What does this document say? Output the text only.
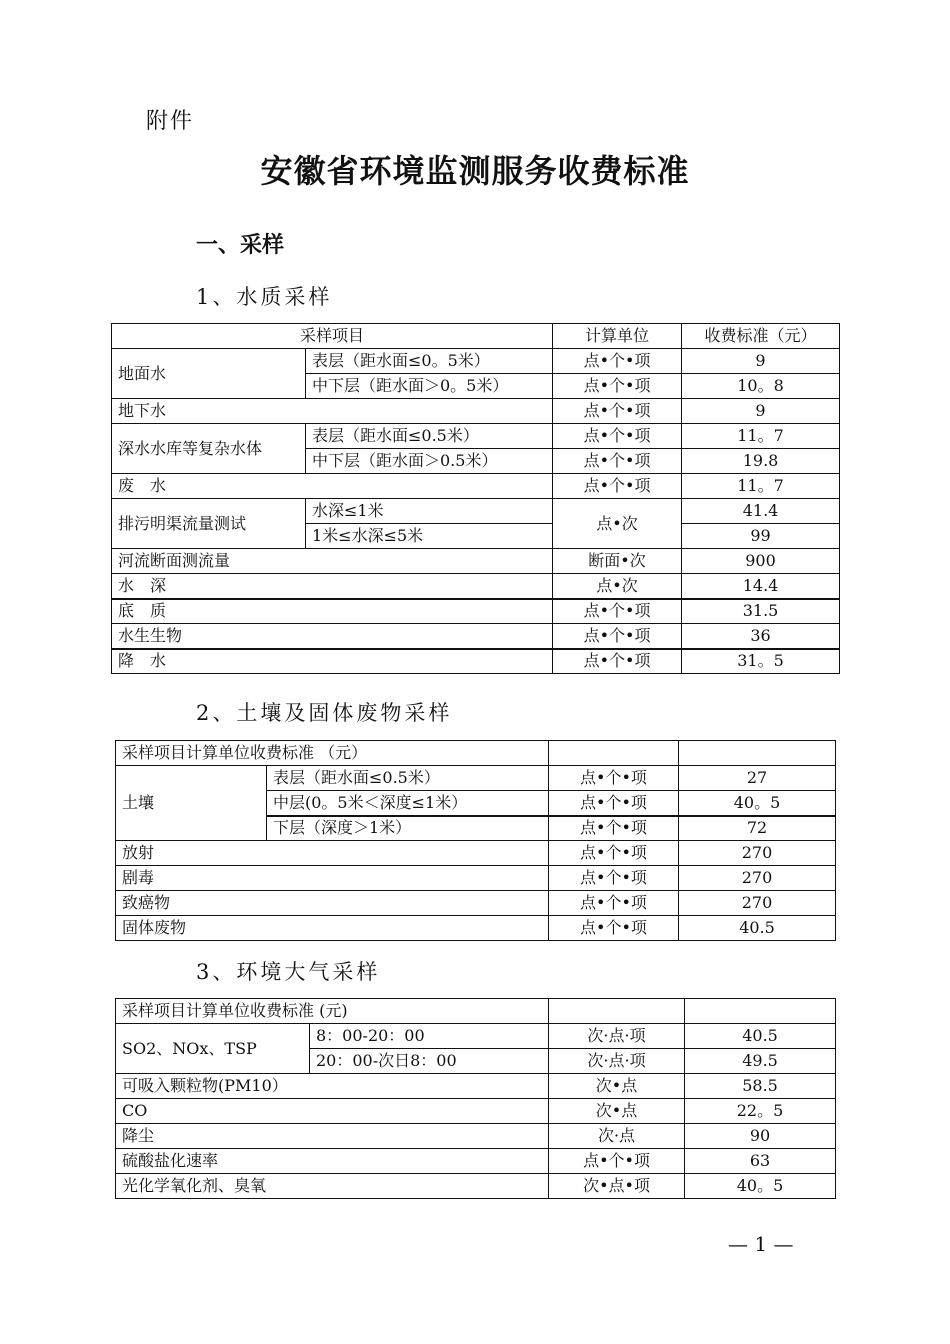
附件
安徽省环境监测服务收费标准
一、采样
1、水质采样
采样项目		计算单位	收费标准（元）
地面水	表层（距水面≤0。5米）	点•个•项	9
	中下层（距水面＞0。5米）	点•个•项	10。8
地下水		点•个•项	9
深水水库等复杂水体	表层（距水面≤0.5米）	点•个•项	11。7
	中下层（距水面＞0.5米）	点•个•项	19.8
废　水		点•个•项	11。7
排污明渠流量测试	水深≤1米	点•次	41.4
	1米≤水深≤5米		99
河流断面测流量		断面•次	900
水　深		点•次	14.4
底　质		点•个•项	31.5
水生生物		点•个•项	36
降　水		点•个•项	31。5
2、土壤及固体废物采样
采样项目计算单位收费标准 （元）			
土壤	表层（距水面≤0.5米）	点•个•项	27
	中层(0。5米＜深度≤1米）	点•个•项	40。5
	下层（深度＞1米）	点•个•项	72
放射		点•个•项	270
剧毒		点•个•项	270
致癌物		点•个•项	270
固体废物		点•个•项	40.5
3、环境大气采样
采样项目计算单位收费标准 (元)			
SO2、NOx、TSP	8：00-20：00	次·点·项	40.5
	20：00-次日8：00	次·点·项	49.5
可吸入颗粒物(PM10）		次•点	58.5
CO		次•点	22。5
降尘		次·点	90
硫酸盐化速率		点•个•项	63
光化学氧化剂、臭氧		次•点•项	40。5
— 1 —
